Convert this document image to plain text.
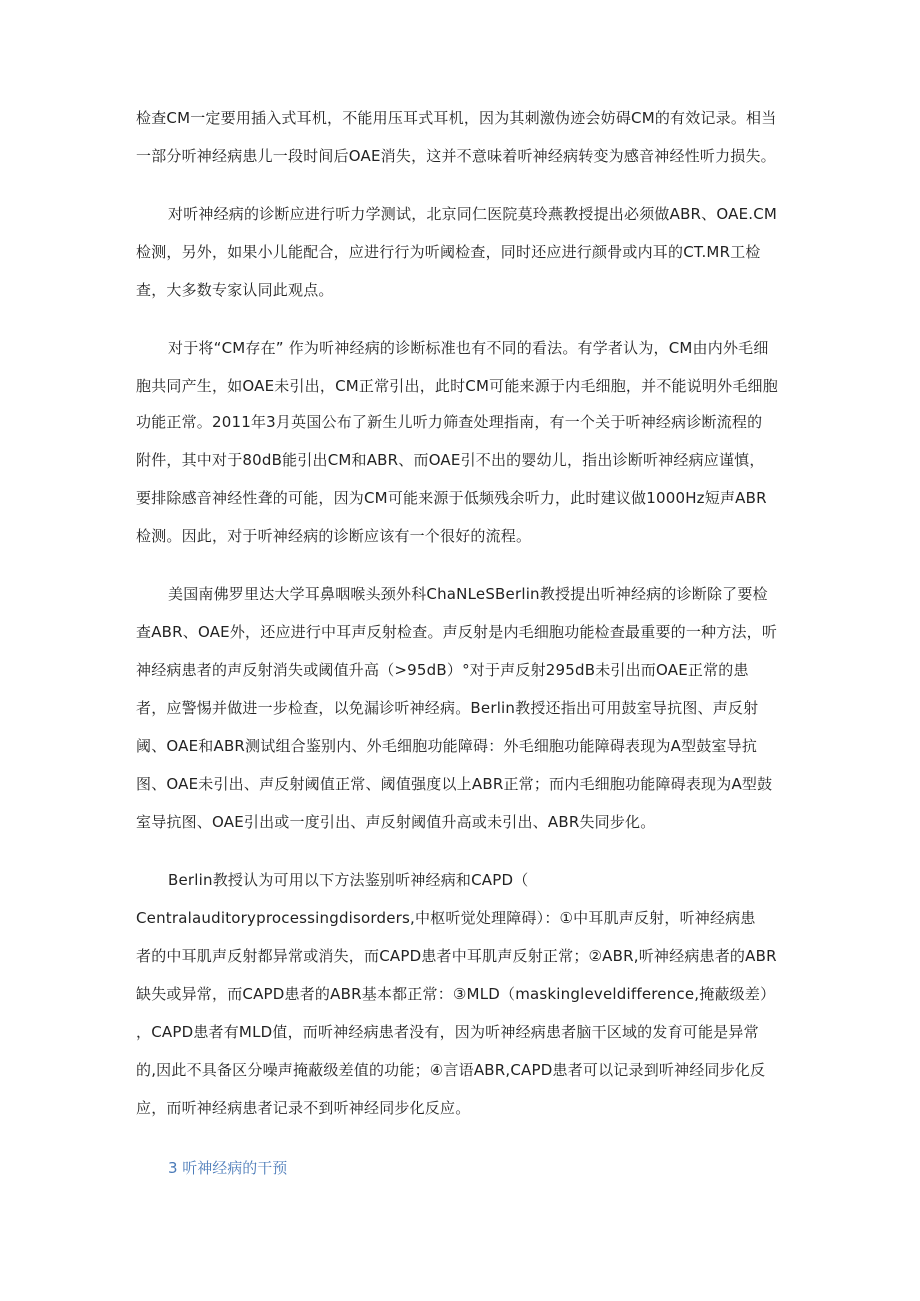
检查CM一定要用插入式耳机，不能用压耳式耳机，因为其刺激伪迹会妨碍CM的有效记录。相当
一部分听神经病患儿一段时间后OAE消失，这并不意味着听神经病转变为感音神经性听力损失。
对听神经病的诊断应进行听力学测试，北京同仁医院莫玲燕教授提出必须做ABR、OAE.CM
检测，另外，如果小儿能配合，应进行行为听阈检查，同时还应进行颜骨或内耳的CT.MR工检
查，大多数专家认同此观点。
对于将“CM存在” 作为听神经病的诊断标准也有不同的看法。有学者认为，CM由内外毛细
胞共同产生，如OAE未引出，CM正常引出，此时CM可能来源于内毛细胞，并不能说明外毛细胞
功能正常。2011年3月英国公布了新生儿听力筛查处理指南，有一个关于听神经病诊断流程的
附件，其中对于80dB能引出CM和ABR、而OAE引不出的婴幼儿，指出诊断听神经病应谨慎，
要排除感音神经性聋的可能，因为CM可能来源于低频残余听力，此时建议做1000Hz短声ABR
检测。因此，对于听神经病的诊断应该有一个很好的流程。
美国南佛罗里达大学耳鼻咽喉头颈外科ChaNLeSBerlin教授提出听神经病的诊断除了要检
查ABR、OAE外，还应进行中耳声反射检查。声反射是内毛细胞功能检查最重要的一种方法，听
神经病患者的声反射消失或阈值升高（>95dB）°对于声反射295dB未引出而OAE正常的患
者，应警惕并做进一步检查，以免漏诊听神经病。Berlin教授还指出可用鼓室导抗图、声反射
阈、OAE和ABR测试组合鉴别内、外毛细胞功能障碍：外毛细胞功能障碍表现为A型鼓室导抗
图、OAE未引出、声反射阈值正常、阈值强度以上ABR正常；而内毛细胞功能障碍表现为A型鼓
室导抗图、OAE引出或一度引出、声反射阈值升高或未引出、ABR失同步化。
Berlin教授认为可用以下方法鉴别听神经病和CAPD（
Centralauditoryprocessingdisorders,中枢听觉处理障碍）：①中耳肌声反射，听神经病患
者的中耳肌声反射都异常或消失，而CAPD患者中耳肌声反射正常；②ABR,听神经病患者的ABR
缺失或异常，而CAPD患者的ABR基本都正常：③MLD（maskingleveldifference,掩蔽级差）
，CAPD患者有MLD值，而听神经病患者没有，因为听神经病患者脑干区域的发育可能是异常
的,因此不具备区分噪声掩蔽级差值的功能；④言语ABR,CAPD患者可以记录到听神经同步化反
应，而听神经病患者记录不到听神经同步化反应。
3 听神经病的干预
